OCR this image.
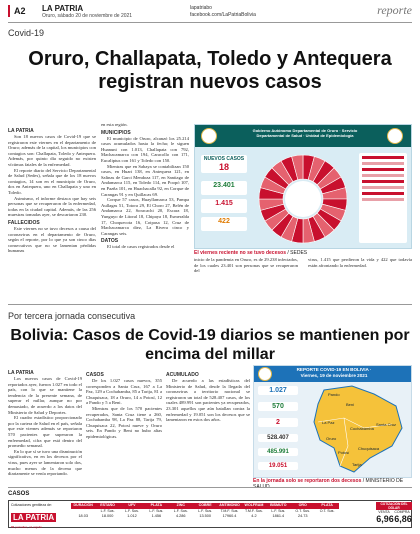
A2 LA PATRIA
Oruro, sábado 20 de noviembre de 2021
lapatriabo
facebook.com/LaPatriaBolivia	reporte
Covid-19
Oruro, Challapata, Toledo y Antequera registran nuevos casos
LA PATRIA

Son 18 nuevos casos de Covid-19 que se registraron este viernes en el departamento de Oruro; además de la capital, los municipios con contagios son: Challapata, Toledo y Antequera. Además, por quinto día seguido no existen víctimas fatales de la enfermedad.

El reporte diario del Servicio Departamental de Salud (Sedes), señala que de los 18 nuevos contagios, 14 son en el municipio de Oruro, dos en Antequera, uno en Challapata y uno en Toledo.

Asimismo, el informe destaca que hay seis personas que se recuperaron de la enfermedad, todas en la ciudad capital. Además, de las 256 muestras tomadas ayer, se descartaron 230.

FALLECIDOS

Este viernes no se tuvo decesos a causa del coronavirus en el departamento de Oruro, según el reporte, por lo que ya son cinco días consecutivos que no se lamentan pérdidas humanas

en esta región.

MUNICIPIOS

El municipio de Oruro, alcanzó los 25.214 casos acumulados hasta la fecha; le siguen Huanuni con 1.013, Challapata con 792, Machacamarca con 194, Caracollo con 171, Eucaliptus con 161 y Toledo con 150.

Mientras que en Sabaya se contabilizan 150 casos, en Huari 138, en Antequera 121, en Salinas de Garci Mendoza 117, en Santiago de Andamarca 115, en Toledo 114, en Poopó 107, en Pazña 101, en Huachacalla 92, en Corque de Carangas 91 y en Quillacas 69.

Corque 57 casos, Huayllamarca 53, Pampa Aullagas 51, Totora 29, El Choro 27, Belén de Andamarca 22, Soracachi 20, Escara 18, Yunguyo de Litoral 18, Chipaya 18, Esmeralda 17, Choquecota 16, Coipasa 12, Cruz de Machacamarca diez, La Rivera cinco y Carangas seis.

DATOS

El total de casos registrados desde el

Gobierno Autónomo Departamental de Oruro · Servicio Departamental de Salud · Unidad de Epidemiología
NUEVOS CASOS
18
23.401
1.415
422
El viernes reciente no se tuvo decesos / SEDES
inicio de la pandemia en Oruro, es de 29.238 infectados, de los cuales 23.401 son personas que se recuperaron del virus, 1.415 que perdieron la vida y 422 que todavía están afrontando la enfermedad.
Por tercera jornada consecutiva
Bolivia: Casos de Covid-19 diarios se mantienen por encima del millar
LA PATRIA

Los nuevos casos de Covid-19 reportados ayer, fueron 1.027 en todo el país, con lo que se mantiene la tendencia de la presente semana, de superar el millar, aunque no por demasiado, de acuerdo a los datos del Ministerio de Salud y Deportes.

El cuadro estadístico proporcionado por la cartera de Salud en el país, señala que este viernes además se reportaron 570 pacientes que superaron la enfermedad, cifra que está dentro del promedio semanal.

En lo que sí se tuvo una disminución significativa, en en los decesos por el virus, pues ayer se lamentaron solo dos, mucho menos de la decena que diariamente se venía reportando.

CASOS

De los 1.027 casos nuevos, 355 corresponden a Santa Cruz, 167 a La Paz, 129 a Cochabamba, 85 a Tarija, 81 a Chuquisaca, 18 a Oruro, 14 a Potosí, 12 a Pando y 5 a Beni.

Mientras que de los 570 pacientes recuperados, Santa Cruz tiene a 260, Cochabamba 98, La Paz 88, Tarija 79, Chuquisaca 22, Potosí nueve y Oruro seis. En Pando y Beni no hubo altas epidemiológicas.

ACUMULADO

De acuerdo a las estadísticas del Ministerio de Salud, desde la llegada del coronavirus a territorio nacional se registraron un total de 528.407 casos, de los cuales 489.991 son pacientes ya recuperados, 23.301 aquellos que aún batallan contra la enfermedad y 19.051 son los decesos que se lamentaron en estos dos años.

REPORTE COVID-19 EN BOLIVIA · Viernes, 19 de noviembre 2021
1.027
570
2
528.407
485.991
19.051
Pando
Beni
La Paz
Oruro
Cochabamba
Santa Cruz
Potosí
Chuquisaca
Tarija
En la jornada solo se reportaron dos decesos / MINISTERIO DE
CASOS
Cotizaciones gentileza de:
LA PATRIA
85 periódico, mi orgullo
DURACIÓN	ESTAÑO	UFV	PLATA	ZINC	COBRE	ANTIMONIO	WOLFRAM	BISMUTO	ORO	PLATA
	L.F. Sus.	L.F. Sus.	L.F. Sus.	L.F. Sus.	L.F. Sus.	T.M.F. Sus.	T.M.F. Sus.	L.F. Sus.	O.T. Sus.	O.T. Sus.
18.03	18.000	1.012	1.456	4.286	13.500	17960.4	4.2	1861.4	24.73	
COTIZACIÓN DEL DÓLAR
VENTA COMPRA
6,96 6,86
